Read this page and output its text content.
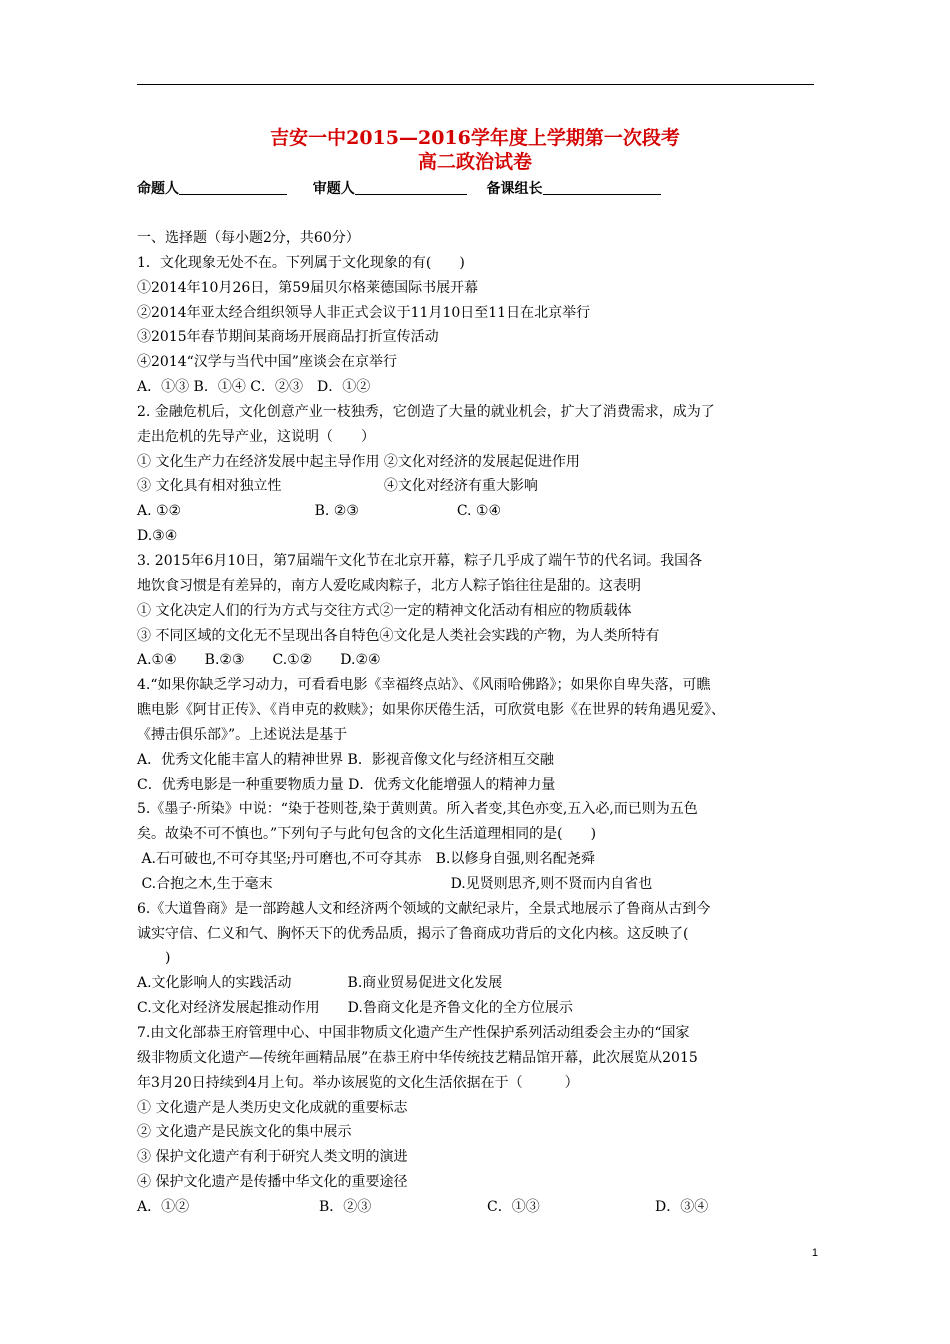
吉安一中2015—2016学年度上学期第一次段考
高二政治试卷
命题人	审题人	备课组长
一、选择题（每小题2分，共60分）
1．文化现象无处不在。下列属于文化现象的有(　　)
①2014年10月26日，第59届贝尔格莱德国际书展开幕
②2014年亚太经合组织领导人非正式会议于11月10日至11日在北京举行
③2015年春节期间某商场开展商品打折宣传活动
④2014“汉学与当代中国”座谈会在京举行
A．①③ B．①④ C．②③　D．①②
2. 金融危机后，文化创意产业一枝独秀，它创造了大量的就业机会，扩大了消费需求，成为了
走出危机的先导产业，这说明（　　）
① 文化生产力在经济发展中起主导作用 ②文化对经济的发展起促进作用
③ 文化具有相对独立性　　　　　　　 ④文化对经济有重大影响
A. ①②                              B. ②③                      C. ①④
D.③④
3. 2015年6月10日，第7届端午文化节在北京开幕，粽子几乎成了端午节的代名词。我国各
地饮食习惯是有差异的，南方人爱吃咸肉粽子，北方人粽子馅往往是甜的。这表明
① 文化决定人们的行为方式与交往方式②一定的精神文化活动有相应的物质载体
③ 不同区域的文化无不呈现出各自特色④文化是人类社会实践的产物，为人类所特有
A.①④　　B.②③　　C.①②　　D.②④
4.“如果你缺乏学习动力，可看看电影《幸福终点站》、《风雨哈佛路》；如果你自卑失落，可瞧
瞧电影《阿甘正传》、《肖申克的救赎》；如果你厌倦生活，可欣赏电影《在世界的转角遇见爱》、
《搏击俱乐部》”。上述说法是基于
A．优秀文化能丰富人的精神世界 B．影视音像文化与经济相互交融
C．优秀电影是一种重要物质力量 D．优秀文化能增强人的精神力量
5.《墨子·所染》中说：“染于苍则苍,染于黄则黄。所入者变,其色亦变,五入必,而已则为五色
矣。故染不可不慎也。”下列句子与此句包含的文化生活道理相同的是(　　)
A.石可破也,不可夺其坚;丹可磨也,不可夺其赤　B.以修身自强,则名配尧舜
C.合抱之木,生于毫末                                        D.见贤则思齐,则不贤而内自省也
6.《大道鲁商》是一部跨越人文和经济两个领域的文献纪录片，全景式地展示了鲁商从古到今
诚实守信、仁义和气、胸怀天下的优秀品质，揭示了鲁商成功背后的文化内核。这反映了(
　　)
A.文化影响人的实践活动　　　　B.商业贸易促进文化发展
C.文化对经济发展起推动作用　　D.鲁商文化是齐鲁文化的全方位展示
7.由文化部恭王府管理中心、中国非物质文化遗产生产性保护系列活动组委会主办的“国家
级非物质文化遗产—传统年画精品展”在恭王府中华传统技艺精品馆开幕，此次展览从2015
年3月20日持续到4月上旬。举办该展览的文化生活依据在于（　　　）
① 文化遗产是人类历史文化成就的重要标志
② 文化遗产是民族文化的集中展示
③ 保护文化遗产有利于研究人类文明的演进
④ 保护文化遗产是传播中华文化的重要途径
A．①②	B．②③	C．①③	D．③④
1
